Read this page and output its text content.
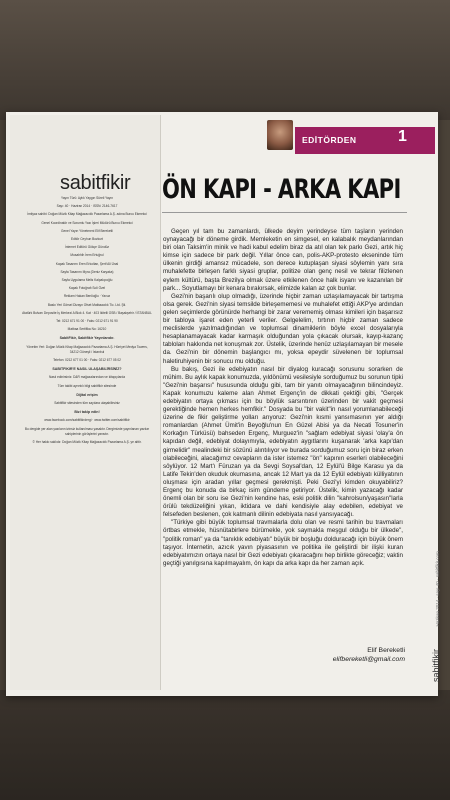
sabitfikir

Yayın Türü: Aylık Yaygın Süreli Yayın

Sayı: 40 · Haziran 2014 · ISSN: 2146-7617

İmtiyaz sahibi: Doğan Müzik Kitap Mağazacılık Pazarlama A.Ş. adına Burcu Ekmekci

Genel Koordinatör ve Sorumlu Yazı İşleri Müdürü Burcu Ekmekci

Genel Yayın Yönetmeni Elif Bereketli

Editör Ceyhun Bozkurt

İnternet Editörü Gökçe Gündüz

Musahhih İrem Ertuğrul

Kapak Tasarımı Eren Erkoltan, Şerif Ali Ünal

Sayfa Tasarımı Myra (Deniz Karyaka)

Sayfa Uygulama Melis Kalpakçıoğlu

Kapak Fotoğrafı Soli Özel

Reklam Hakan Benlioğlu · Yavuz

Baskı Yeri Görsel Dizayn Ofset Matbaacılık Tic. Ltd. Şti.

Atatürk Bulvarı Deposite İş Merkezi A Blok 4. Kat · 403 Ikitelli OSB / Başakşehir / İSTANBUL

Tel: 0212 671 91 00 · Faks: 0212 671 91 90

Matbaa Sertifika No: 16210

SabitFikir, Sabitfikir Yayınlarıdır.

Yönetim Yeri: Doğan Müzik Kitap Mağazacılık Pazarlama A.Ş. Hürriyet Medya Towers, 34212 Güneşli / İstanbul

Telefon: 0212 677 01 00 · Faks: 0212 677 05 02

SABITFIKIR'E NASIL ULAŞABILİRSİNİZ?

Nasıl edinirsiniz: D&R mağazalarından ve kitapçılarda

Tüm takibi ayrıntılı bilgi sabitfikir sitesinde

Dijital erişim

Sabitfikir sitesinden tüm sayılara ulaşabilirsiniz

Bizi takip edin!

www.facebook.com/sabitfikirdergi · www.twitter.com/sabitfikir

Bu dergide yer alan yazıların izinsiz kullanılması yasaktır. Dergimizde yayınlanan yazılar sahiplerinin görüşlerini yansıtır.

© Her hakkı saklıdır. Doğan Müzik Kitap Mağazacılık Pazarlama A.Ş. ye aittir.

EDİTÖRDEN	1
ÖN KAPI - ARKA KAPI

Geçen yıl tam bu zamanlardı, ülkede deyim yerindeyse tüm taşların yerinden oynayacağı bir döneme girdik. Memleketin en simgesel, en kalabalık meydanlarından biri olan Taksim'in minik ve hadi kabul edelim biraz da atıl olan tek parkı Gezi, artık hiç kimse için sadece bir park değil. Yıllar önce can, polis-AKP-protesto ekseninde tüm ülkenin girdiği amansız mücadele, son derece kutuplaşan siyasi söylemin yanı sıra muhalefette birleşen farklı siyasi gruplar, politize olan genç nesil ve tekrar filizlenen eylem kültürü, başta Brezilya olmak üzere etkilenen önce halk isyanı ve kazanılan bir park... Soyutlamayı bir kenara bırakırsak, elimizde kalan az çok bunlar.

Gezi'nin başarılı olup olmadığı, üzerinde hiçbir zaman uzlaşılamayacak bir tartışma olsa gerek. Gezi'nin siyasi temsilde birleşememesi ve muhalefet ettiği AKP'ye ardından gelen seçimlerde görünürde herhangi bir zarar verememiş olması kimileri için başarısız bir tabloya işaret eden yeterli veriler. Gelgelelim, tırtının hiçbir zaman sadece meclislerde yazılmadığından ve toplumsal dinamiklerin böyle excel dosyalarıyla hesaplanamayacak kadar karmaşık olduğundan yola çıkacak olursak, kayıp-kazanç tabloları hakkında net konuşmak zor. Üstelik, üzerinde henüz uzlaşılamayan bir mesele da. Gezi'nin bir dönemin başlangıcı mı, yoksa epeydir süvelenen bir toplumsal haletiruhiyenin bir sonucu mu olduğu.

Bu bakış, Gezi ile edebiyatın nasıl bir diyalog kuracağı sorusunu sorarken de mühim. Bu aylık kapak konumuzda, yıldönümü vesilesiyle sorduğumuz bu sorunun tipki "Gezi'nin başarısı" hususunda olduğu gibi, tam bir yanıtı olmayacağının bilincindeyiz. Kapak konumuzu kaleme alan Ahmet Ergenç'in de dikkati çektiği gibi, "Gerçek edebiyatın ortaya çıkması için bu böylük sarsıntının üzerinden bir vakit geçmesi gerektiğinde hemen herkes hemfikir." Dosyada bu "bir vakit"in nasıl yorumlanabileceği üzerine de fikir geliştirme yolları arıyoruz: Gezi'nin kısmi yansımasının yer aldığı romanlardan (Ahmet Ümit'in Beyoğlu'nun En Güzel Abisi ya da Necati Tosuner'in Korkağın Türküsü) bahseden Ergenç, Murguez'in "sağlam edebiyat siyasi 'olay'a ön kapıdan değil, edebiyat dolayımıyla, edebiyatın aygıtlarını kuşanarak 'arka kapı'dan girmelidir" mealindeki bir sözünü alıntılıyor ve burada sorduğumuz soru için biraz erken olabileceğini, alacağımız cevapların da ister istemez "ön" kapının eserleri olabileceğini söylüyor. 12 Mart'ı Füruzan ya da Sevgi Soysal'dan, 12 Eylül'ü Bilge Karasu ya da Latife Tekin'den okuduk okumasına, ancak 12 Mart ya da 12 Eylül edebiyatı külliyatının oluşması için aradan yıllar geçmesi gerekmişti. Peki Gezi'yi kimden okuyabiliriz? Ergenç bu konuda da birkaç isim gündeme getiriyor. Üstelik, kimin yazacağı kadar önemli olan bir soru ise Gezi'nin kendine has, eski politik dilin "kahrolsun/yaşasın"larla örülü tekdüzeliğini yıkan, iktidara ve dahi kendisiyle alay edebilen, edebiyat ve felsefeden beslenen, çok katmanlı dilinin edebiyata nasıl yansıyacağı.

"Türkiye gibi büyük toplumsal travmalarla dolu olan ve resmi tarihin bu travmaları örtbas etmekle, hüsnütabirlere bürümekle, yok saymakla meşgul olduğu bir ülkede", "politik roman" ya da "tanıklık edebiyatı" büyük bir boşluğu dolduracağı için büyük önem taşıyor. İnternetin, azıcık yavın piyasasının ve politika ile geliştirdi bir ilişki kuran edebiyatımızın ortaya nasıl bir Gezi edebiyatı çıkaracağını hep birlikte göreceğiz; vaktin geçtiği yanılgısına kapılmayalım, ön kapı da arka kapı da her zaman açık.

Elif Bereketli
elifbereketli@gmail.com	sabitfikir Haziran 2014 · sayı 40 · sabitfikir.com
